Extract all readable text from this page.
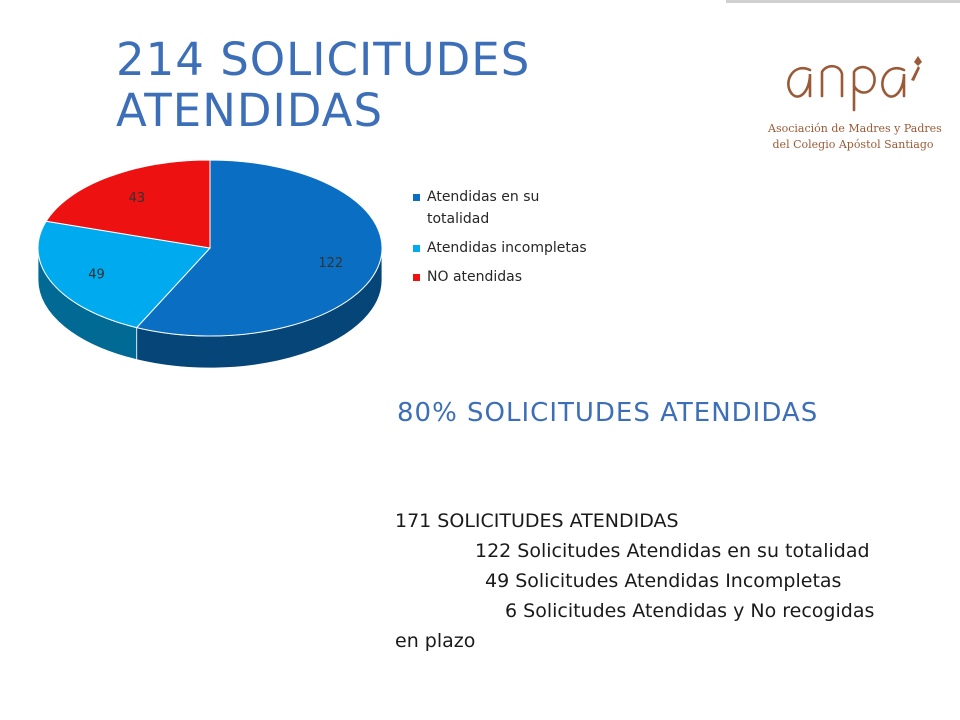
214 SOLICITUDES ATENDIDAS	Asociación de Madres y Padres
del Colegio Apóstol Santiago
122
49
43	Atendidas en su totalidad
Atendidas incompletas
NO atendidas
80% SOLICITUDES ATENDIDAS

171 SOLICITUDES ATENDIDAS

122 Solicitudes Atendidas en su totalidad

49 Solicitudes Atendidas Incompletas

6 Solicitudes Atendidas y No recogidas en plazo
